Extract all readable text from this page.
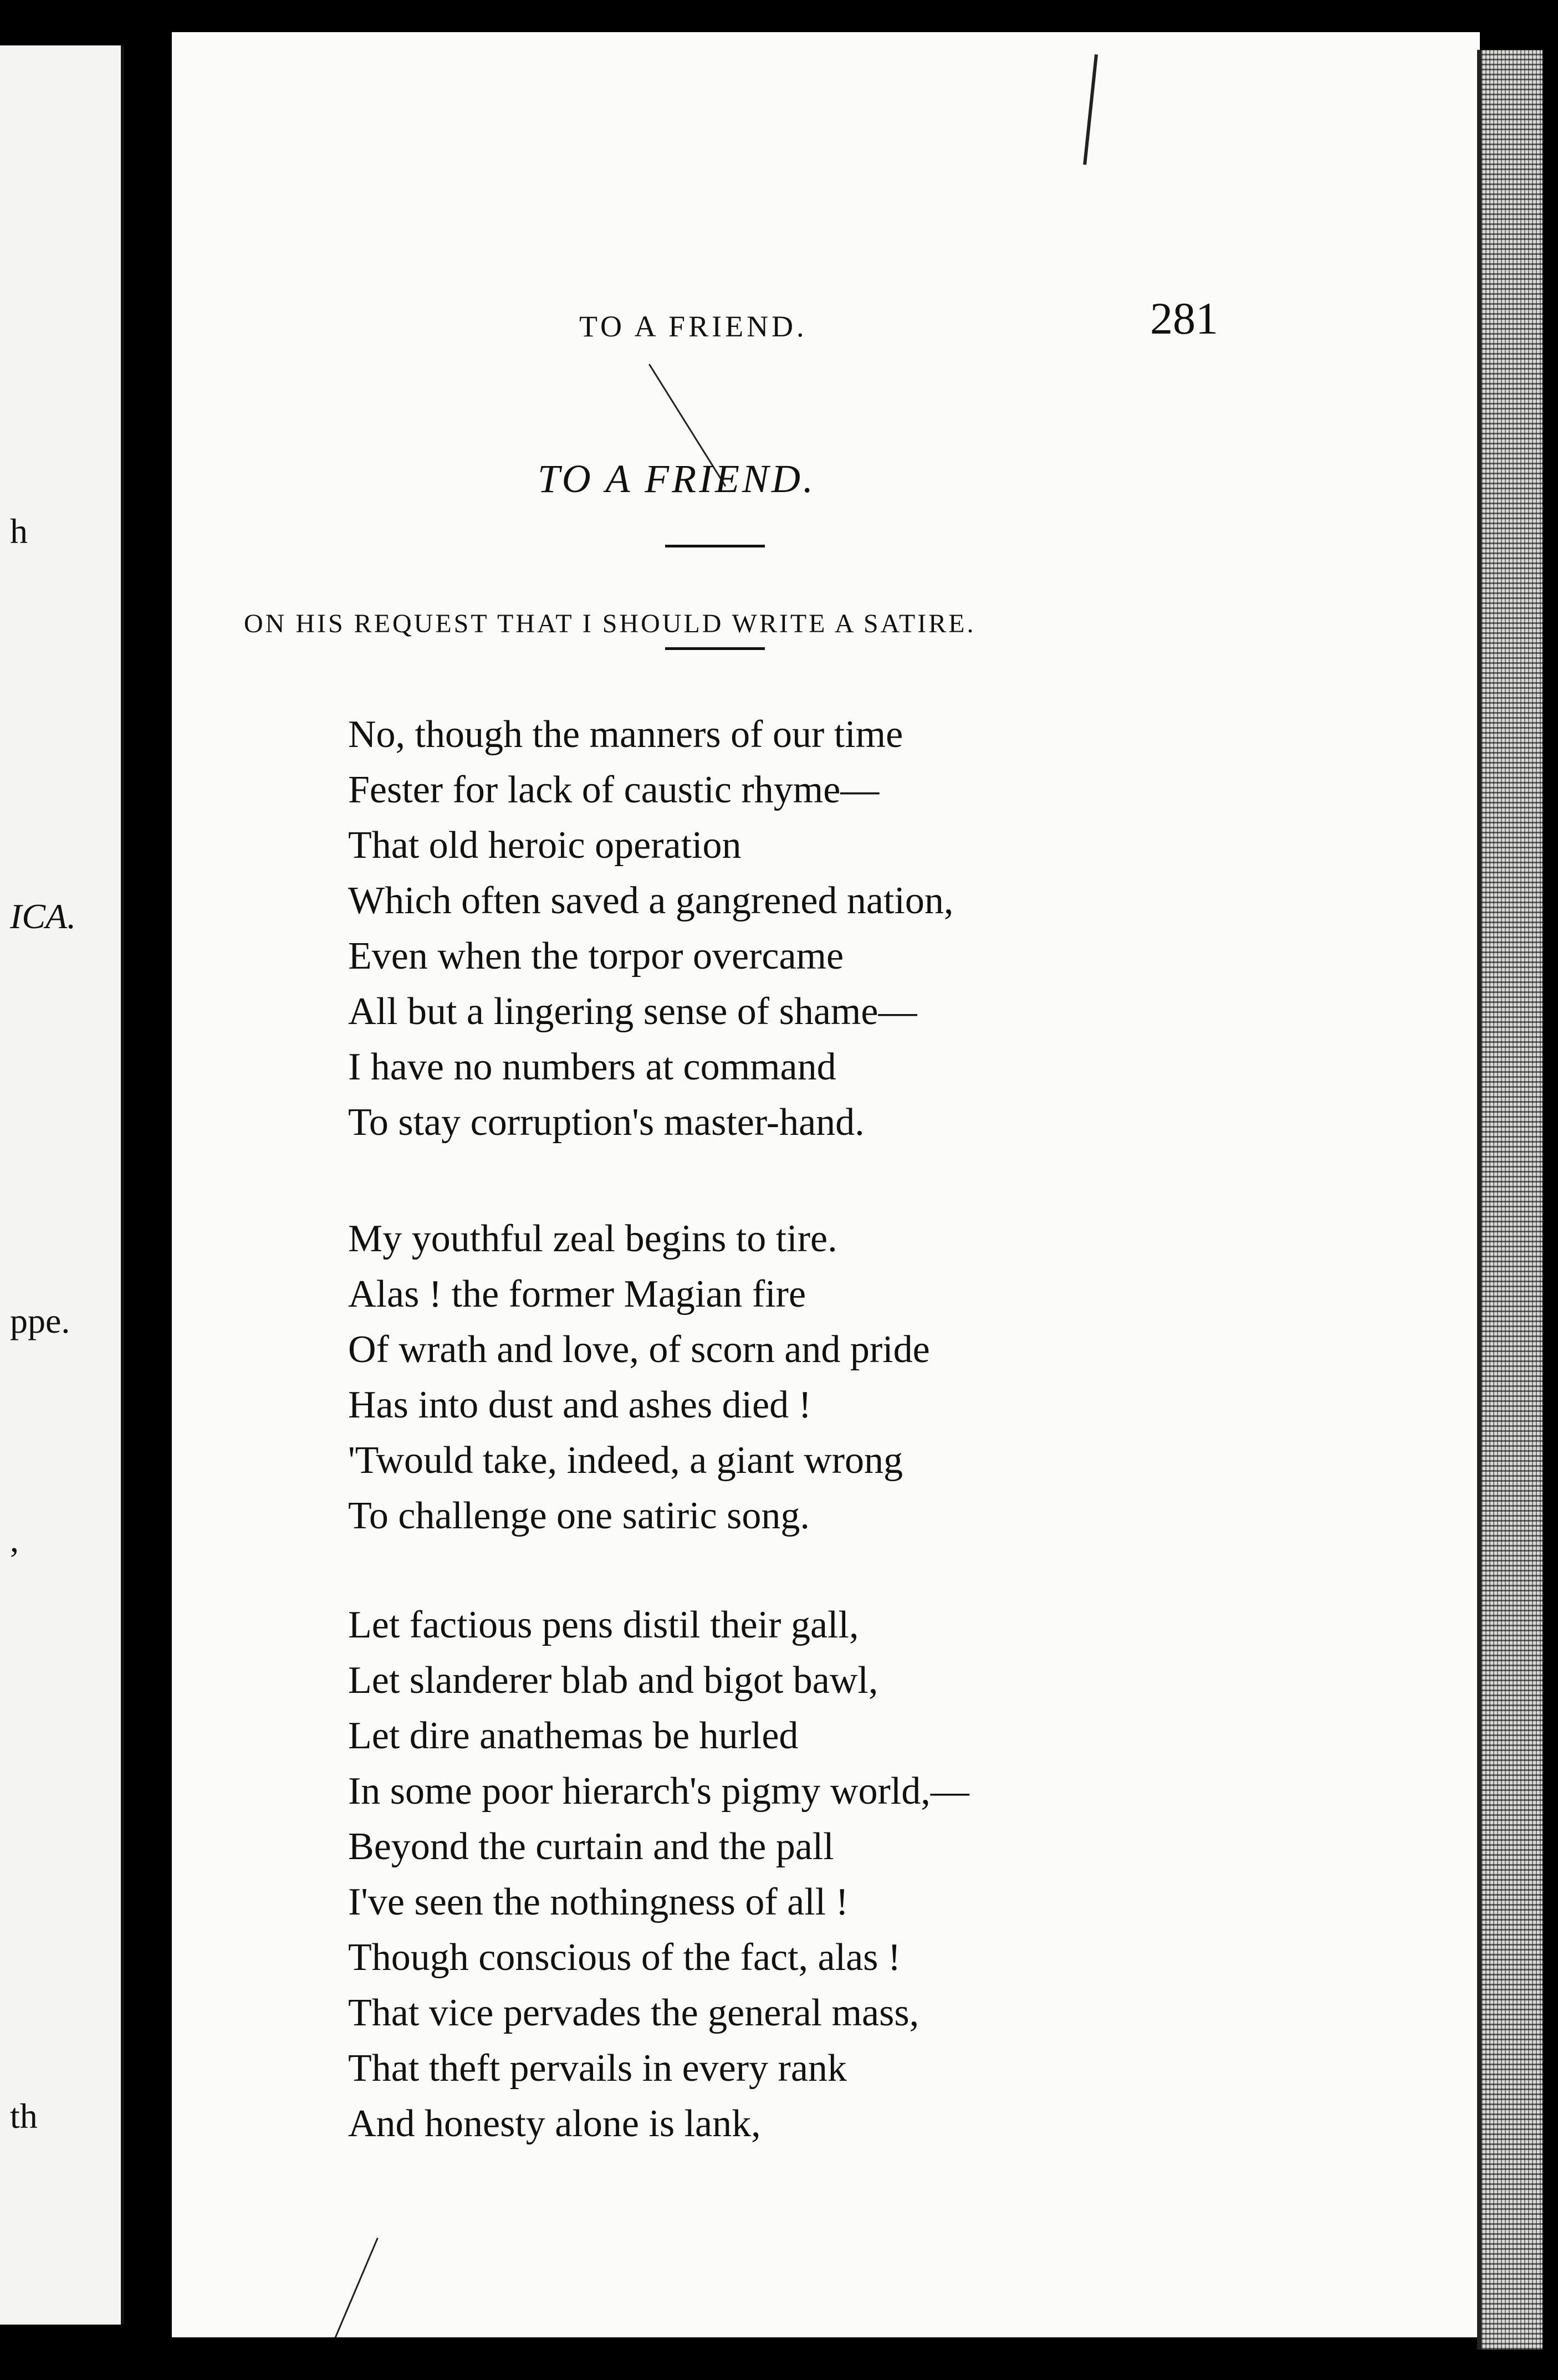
h
ICA.
ppe.
,
th
TO A FRIEND.	281
TO A FRIEND.
ON HIS REQUEST THAT I SHOULD WRITE A SATIRE.
No, though the manners of our time
Fester for lack of caustic rhyme—
That old heroic operation
Which often saved a gangrened nation,
Even when the torpor overcame
All but a lingering sense of shame—
I have no numbers at command
To stay corruption's master-hand.
My youthful zeal begins to tire.
Alas ! the former Magian fire
Of wrath and love, of scorn and pride
Has into dust and ashes died !
'Twould take, indeed, a giant wrong
To challenge one satiric song.
Let factious pens distil their gall,
Let slanderer blab and bigot bawl,
Let dire anathemas be hurled
In some poor hierarch's pigmy world,—
Beyond the curtain and the pall
I've seen the nothingness of all !
Though conscious of the fact, alas !
That vice pervades the general mass,
That theft pervails in every rank
And honesty alone is lank,
